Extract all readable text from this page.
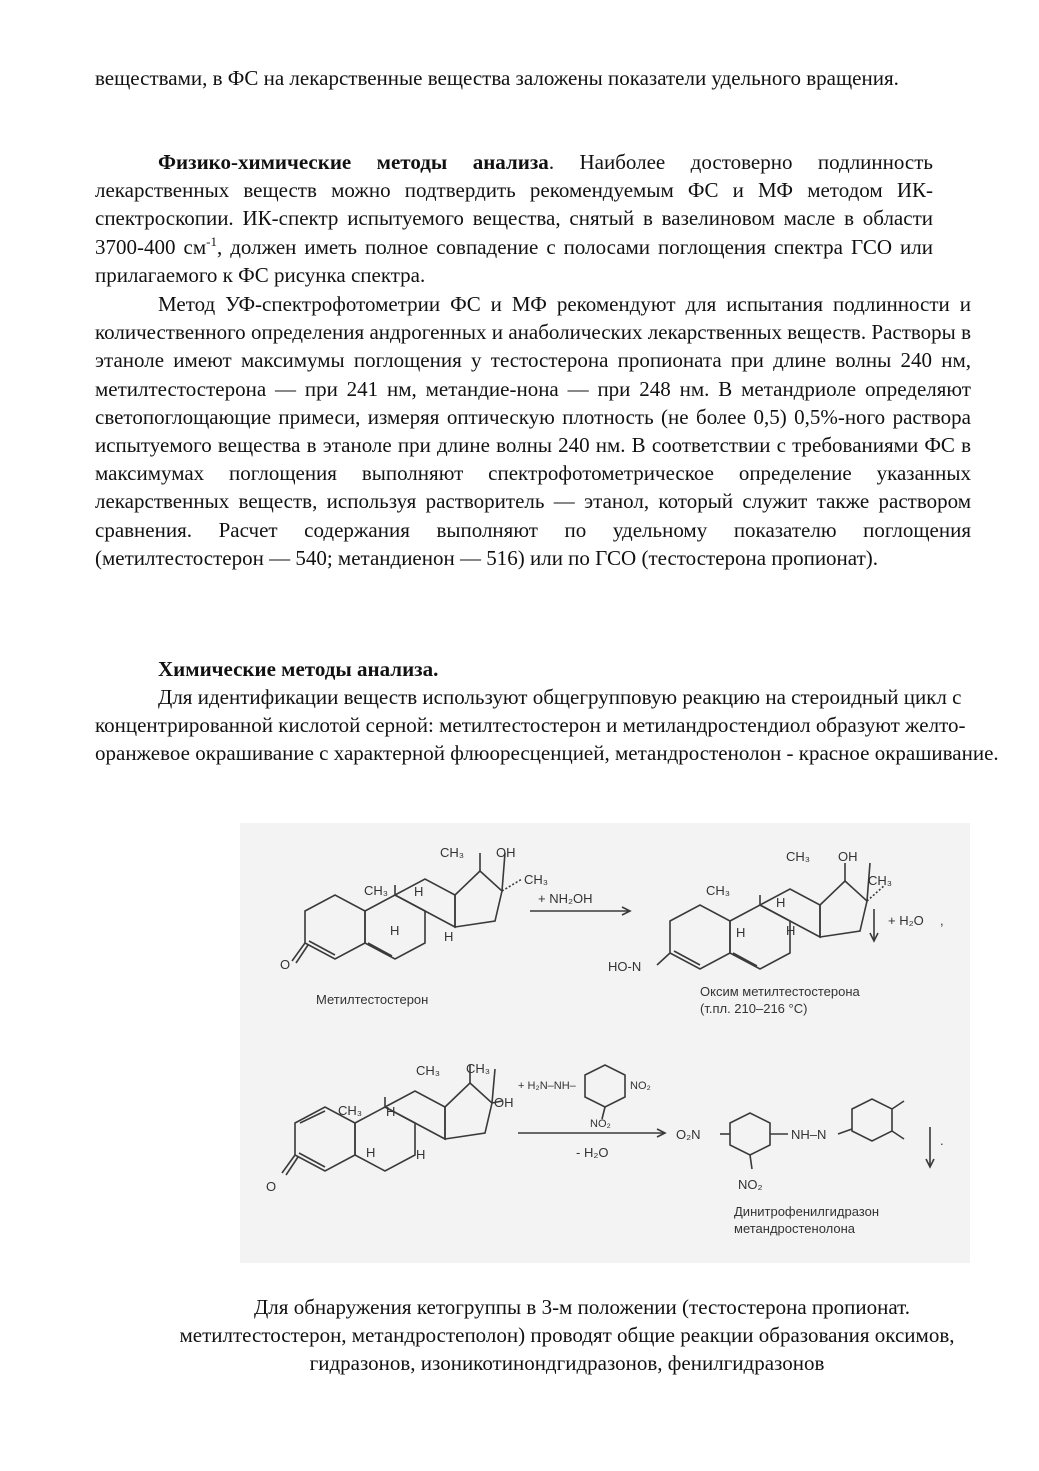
веществами, в ФС на лекарственные вещества заложены показатели удельного вращения.

Физико-химические методы анализа. Наиболее достоверно подлинность лекарственных веществ можно подтвердить рекомендуемым ФС и МФ методом ИК-спектроскопии. ИК-спектр испытуемого вещества, снятый в вазелиновом масле в области 3700-400 $см^{-1}$, должен иметь полное совпадение с полосами поглощения спектра ГСО или прилагаемого к ФС рисунка спектра.

Метод УФ-спектрофотометрии ФС и МФ рекомендуют для испытания подлинности и количественного определения андрогенных и анаболических лекарственных веществ. Растворы в этаноле имеют максимумы поглощения у тестостерона пропионата при длине волны 240 нм, метилтестостерона — при 241 нм, метандие-нона — при 248 нм. В метандриоле определяют светопоглощающие примеси, измеряя оптическую плотность (не более 0,5) 0,5%-ного раствора испытуемого вещества в этаноле при длине волны 240 нм. В соответствии с требованиями ФС в максимумах поглощения выполняют спектрофотометрическое определение указанных лекарственных веществ, используя растворитель — этанол, который служит также раствором сравнения. Расчет содержания выполняют по удельному показателю поглощения (метилтестостерон — 540; метандиенон — 516) или по ГСО (тестостерона пропионат).

Химические методы анализа.

Для идентификации веществ используют общегрупповую реакцию на стероидный цикл с концентрированной кислотой серной: метилтестостерон и метиландростендиол образуют желто-оранжевое окрашивание с характерной флюоресценцией, метандростенолон - красное окрашивание.

CH₃ OH
CH₃
CH₃ H
H	H
O
+ NH₂OH
Метилтестостерон
CH₃ OH
CH₃
CH₃
H
H	H
HO-N
+ H₂O ,
Оксим метилтестостерона
(т.пл. 210–216 °C)
CH₃ CH₃
OH
CH₃ H
H	H
O
+ H₂N–NH–	NO₂
NO₂
- H₂O
O₂N	NH–N
NO₂
.
Динитрофенилгидразон
метандростенолона

Для обнаружения кетогруппы в 3-м положении (тестостерона пропионат.
метилтестостерон, метандростеполон) проводят общие реакции образования оксимов,
гидразонов, изоникотинондгидразонов, фенилгидразонов
